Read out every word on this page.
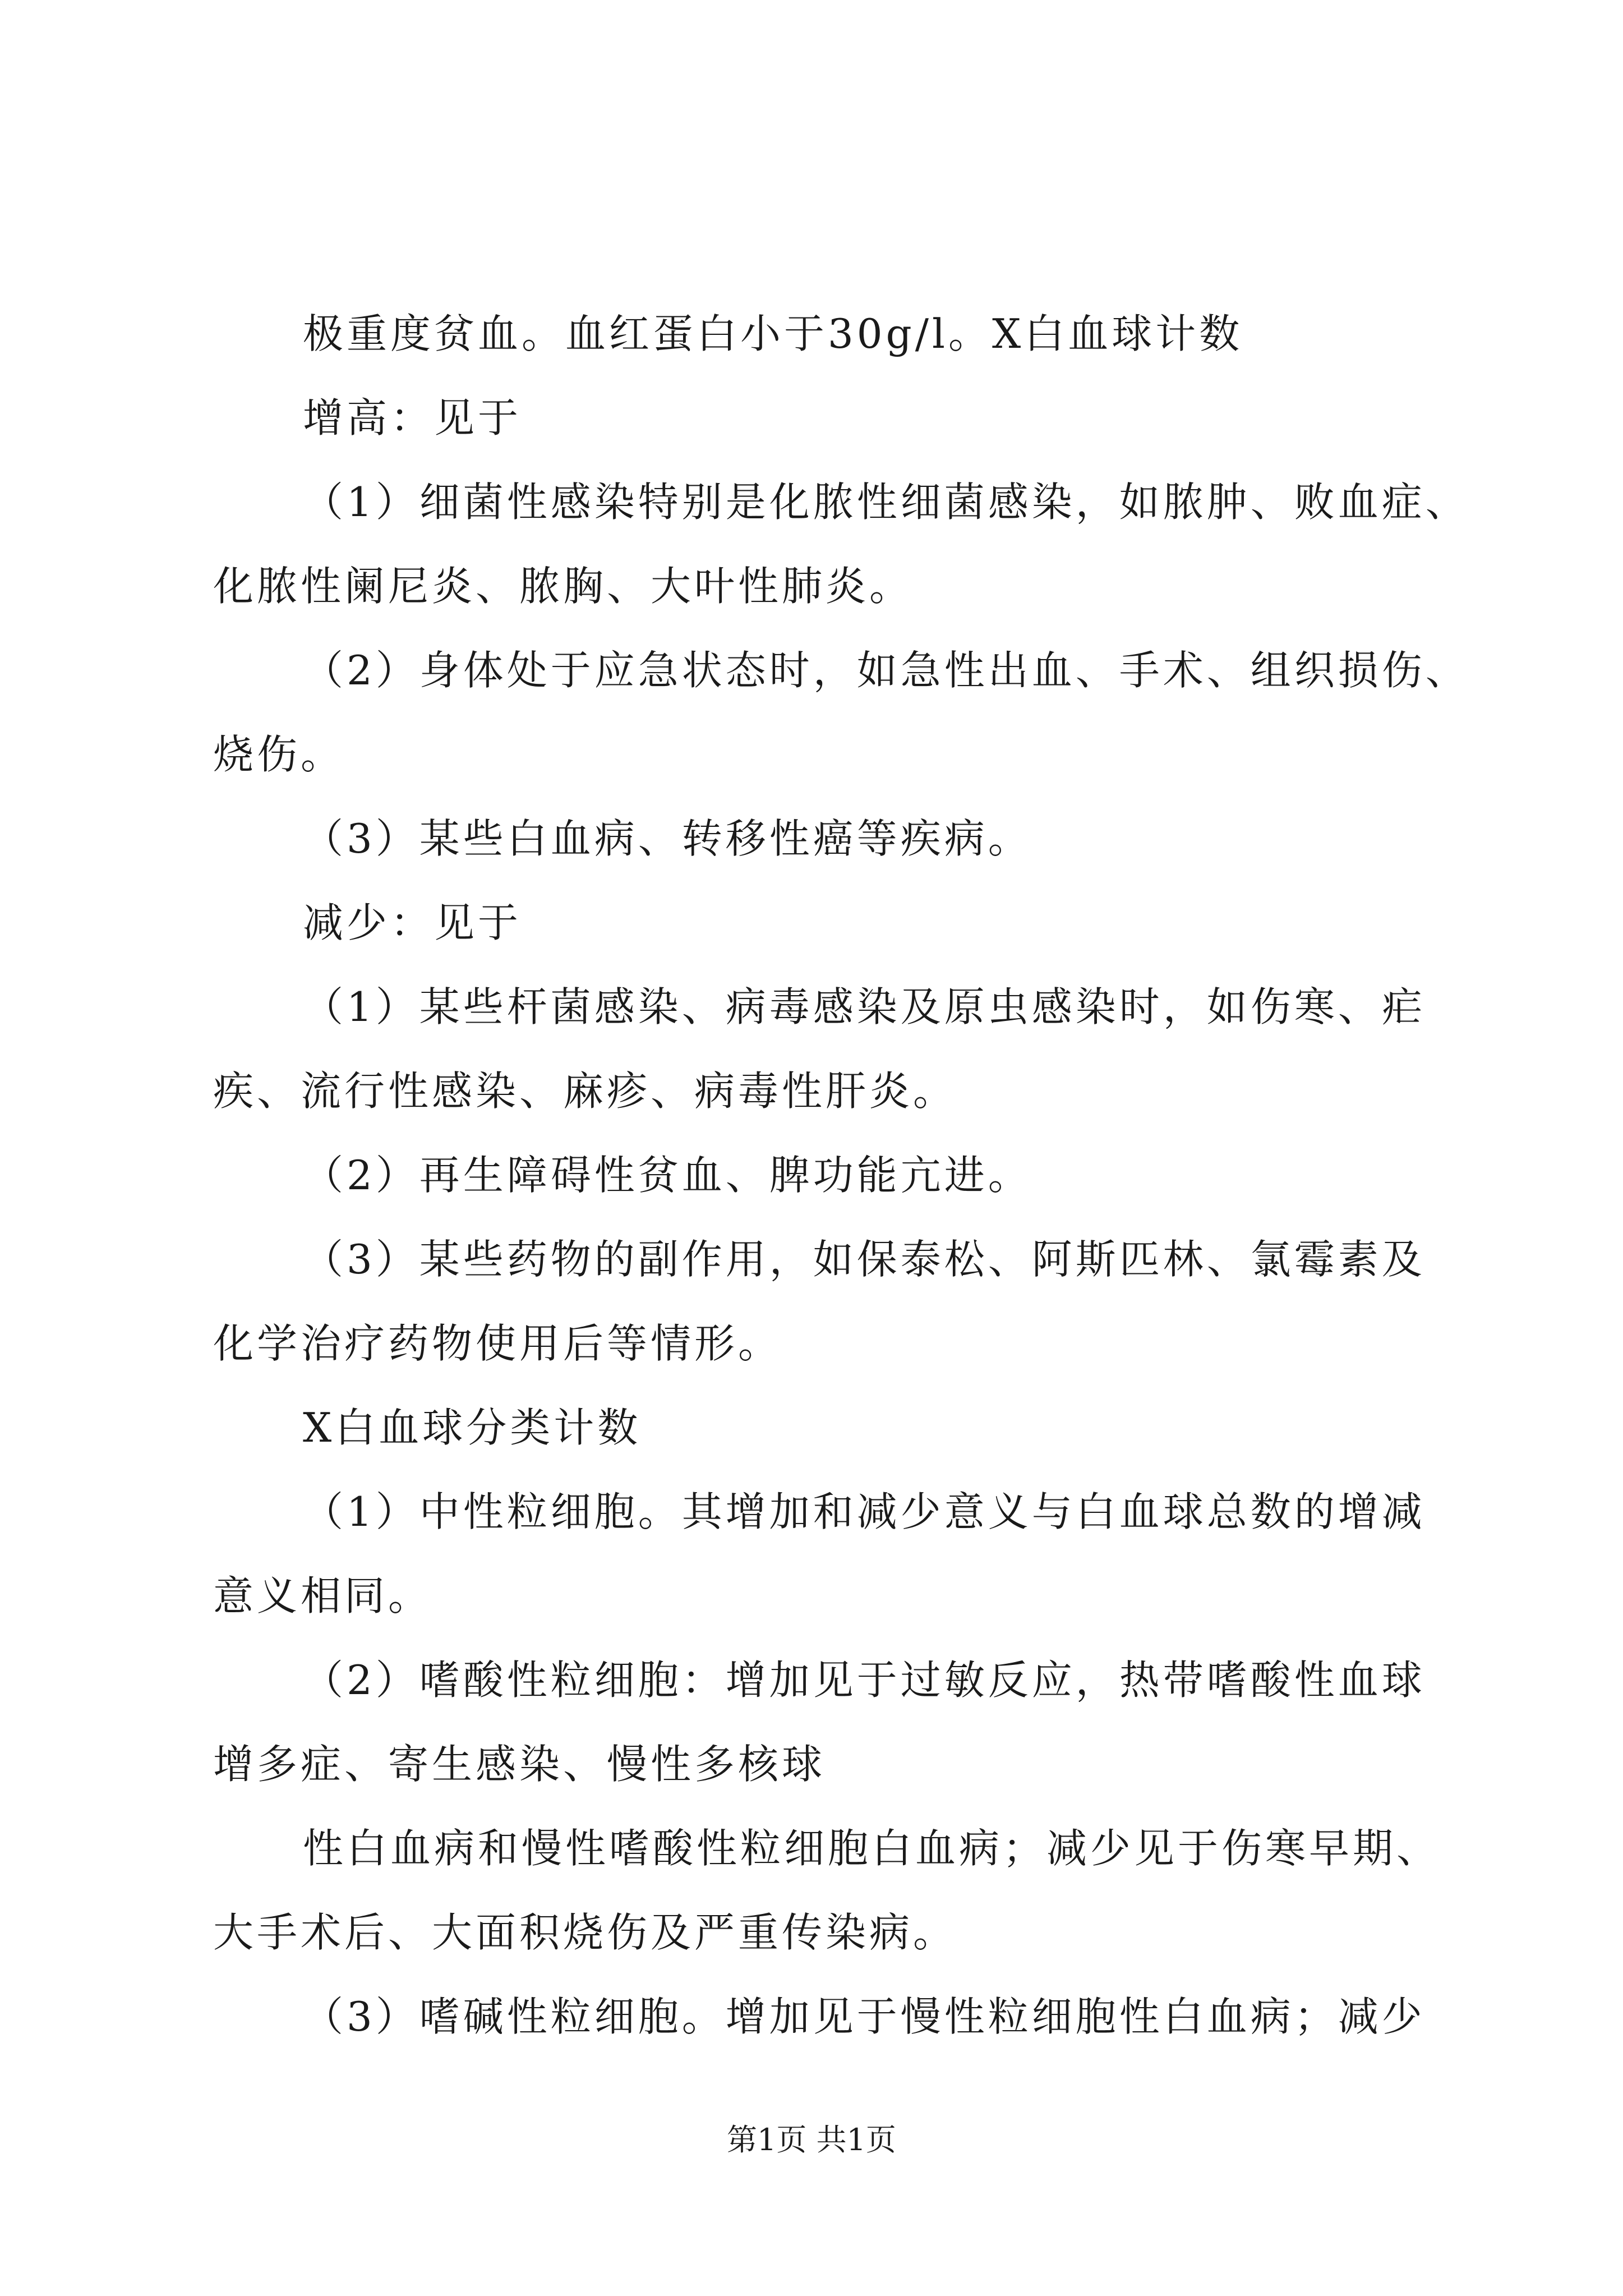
极重度贫血。血红蛋白小于30g/l。X白血球计数

增高：见于

（1）细菌性感染特别是化脓性细菌感染，如脓肿、败血症、

化脓性阑尼炎、脓胸、大叶性肺炎。

（2）身体处于应急状态时，如急性出血、手术、组织损伤、

烧伤。

（3）某些白血病、转移性癌等疾病。

减少：见于

（1）某些杆菌感染、病毒感染及原虫感染时，如伤寒、疟

疾、流行性感染、麻疹、病毒性肝炎。

（2）再生障碍性贫血、脾功能亢进。

（3）某些药物的副作用，如保泰松、阿斯匹林、氯霉素及

化学治疗药物使用后等情形。

X白血球分类计数

（1）中性粒细胞。其增加和减少意义与白血球总数的增减

意义相同。

（2）嗜酸性粒细胞：增加见于过敏反应，热带嗜酸性血球

增多症、寄生感染、慢性多核球

性白血病和慢性嗜酸性粒细胞白血病；减少见于伤寒早期、

大手术后、大面积烧伤及严重传染病。

（3）嗜碱性粒细胞。增加见于慢性粒细胞性白血病；减少

第1页 共1页
